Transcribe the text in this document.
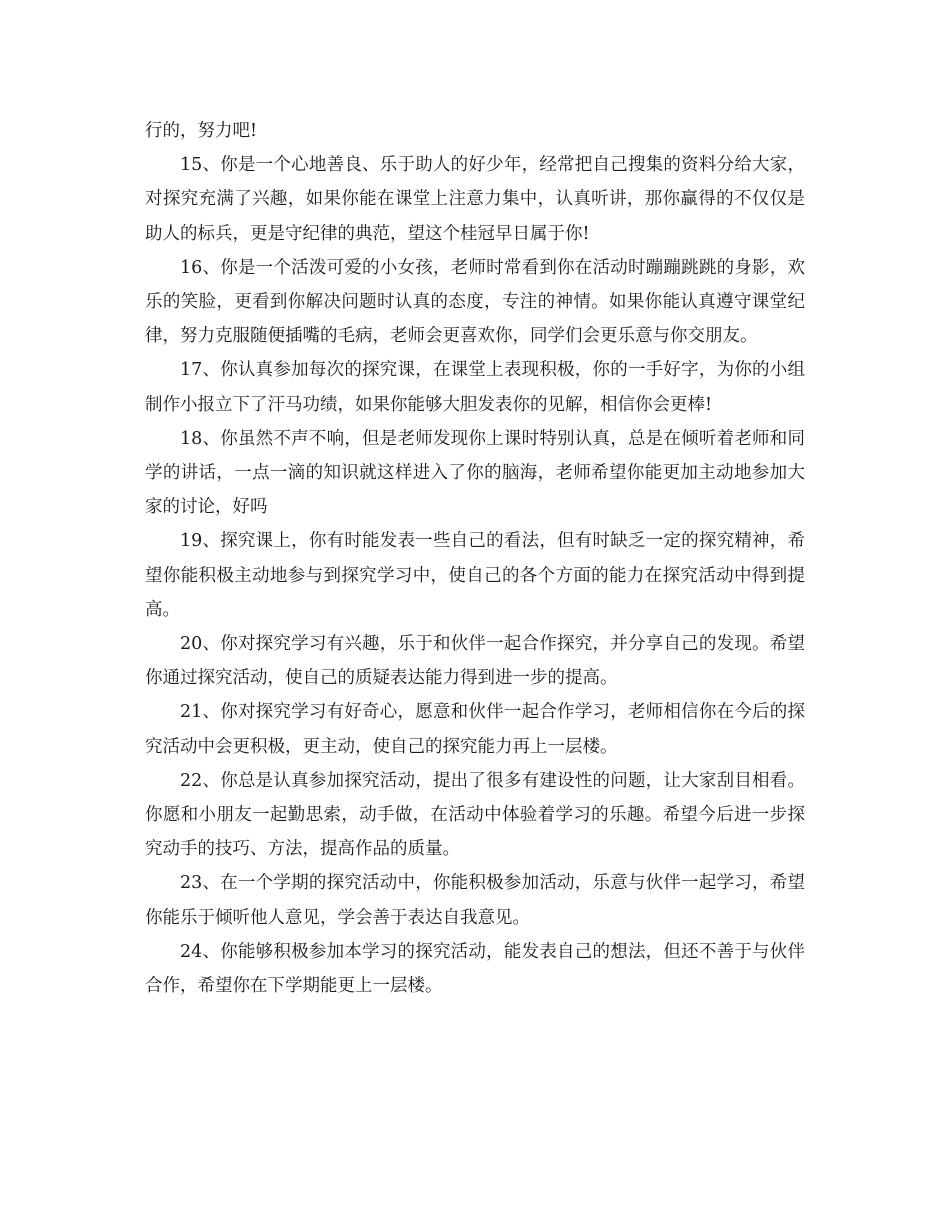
行的，努力吧!

15、你是一个心地善良、乐于助人的好少年，经常把自己搜集的资料分给大家，对探究充满了兴趣，如果你能在课堂上注意力集中，认真听讲，那你赢得的不仅仅是助人的标兵，更是守纪律的典范，望这个桂冠早日属于你!

16、你是一个活泼可爱的小女孩，老师时常看到你在活动时蹦蹦跳跳的身影，欢乐的笑脸，更看到你解决问题时认真的态度，专注的神情。如果你能认真遵守课堂纪律，努力克服随便插嘴的毛病，老师会更喜欢你，同学们会更乐意与你交朋友。

17、你认真参加每次的探究课，在课堂上表现积极，你的一手好字，为你的小组制作小报立下了汗马功绩，如果你能够大胆发表你的见解，相信你会更棒!

18、你虽然不声不响，但是老师发现你上课时特别认真，总是在倾听着老师和同学的讲话，一点一滴的知识就这样进入了你的脑海，老师希望你能更加主动地参加大家的讨论，好吗

19、探究课上，你有时能发表一些自己的看法，但有时缺乏一定的探究精神，希望你能积极主动地参与到探究学习中，使自己的各个方面的能力在探究活动中得到提高。

20、你对探究学习有兴趣，乐于和伙伴一起合作探究，并分享自己的发现。希望你通过探究活动，使自己的质疑表达能力得到进一步的提高。

21、你对探究学习有好奇心，愿意和伙伴一起合作学习，老师相信你在今后的探究活动中会更积极，更主动，使自己的探究能力再上一层楼。

22、你总是认真参加探究活动，提出了很多有建设性的问题，让大家刮目相看。你愿和小朋友一起勤思索，动手做，在活动中体验着学习的乐趣。希望今后进一步探究动手的技巧、方法，提高作品的质量。

23、在一个学期的探究活动中，你能积极参加活动，乐意与伙伴一起学习，希望你能乐于倾听他人意见，学会善于表达自我意见。

24、你能够积极参加本学习的探究活动，能发表自己的想法，但还不善于与伙伴合作，希望你在下学期能更上一层楼。
